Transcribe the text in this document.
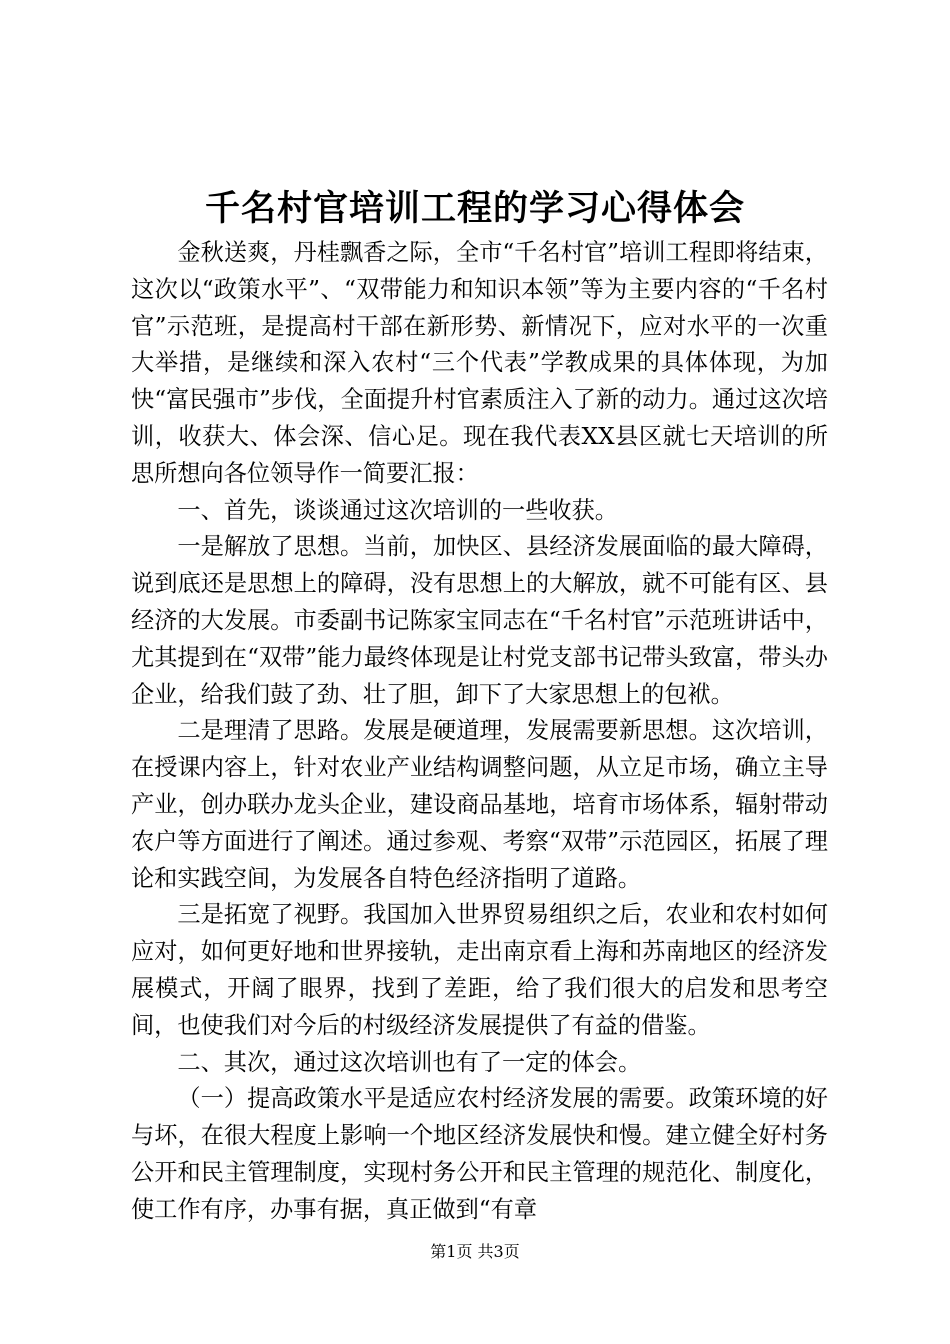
千名村官培训工程的学习心得体会

金秋送爽，丹桂飘香之际，全市“千名村官”培训工程即将结束，这次以“政策水平”、“双带能力和知识本领”等为主要内容的“千名村官”示范班，是提高村干部在新形势、新情况下，应对水平的一次重大举措，是继续和深入农村“三个代表”学教成果的具体体现，为加快“富民强市”步伐，全面提升村官素质注入了新的动力。通过这次培训，收获大、体会深、信心足。现在我代表XX县区就七天培训的所思所想向各位领导作一简要汇报：

一、首先，谈谈通过这次培训的一些收获。

一是解放了思想。当前，加快区、县经济发展面临的最大障碍，说到底还是思想上的障碍，没有思想上的大解放，就不可能有区、县经济的大发展。市委副书记陈家宝同志在“千名村官”示范班讲话中，尤其提到在“双带”能力最终体现是让村党支部书记带头致富，带头办企业，给我们鼓了劲、壮了胆，卸下了大家思想上的包袱。

二是理清了思路。发展是硬道理，发展需要新思想。这次培训，在授课内容上，针对农业产业结构调整问题，从立足市场，确立主导产业，创办联办龙头企业，建设商品基地，培育市场体系，辐射带动农户等方面进行了阐述。通过参观、考察“双带”示范园区，拓展了理论和实践空间，为发展各自特色经济指明了道路。

三是拓宽了视野。我国加入世界贸易组织之后，农业和农村如何应对，如何更好地和世界接轨，走出南京看上海和苏南地区的经济发展模式，开阔了眼界，找到了差距，给了我们很大的启发和思考空间，也使我们对今后的村级经济发展提供了有益的借鉴。

二、其次，通过这次培训也有了一定的体会。

（一）提高政策水平是适应农村经济发展的需要。政策环境的好与坏，在很大程度上影响一个地区经济发展快和慢。建立健全好村务公开和民主管理制度，实现村务公开和民主管理的规范化、制度化，使工作有序，办事有据，真正做到“有章

第1页 共3页
